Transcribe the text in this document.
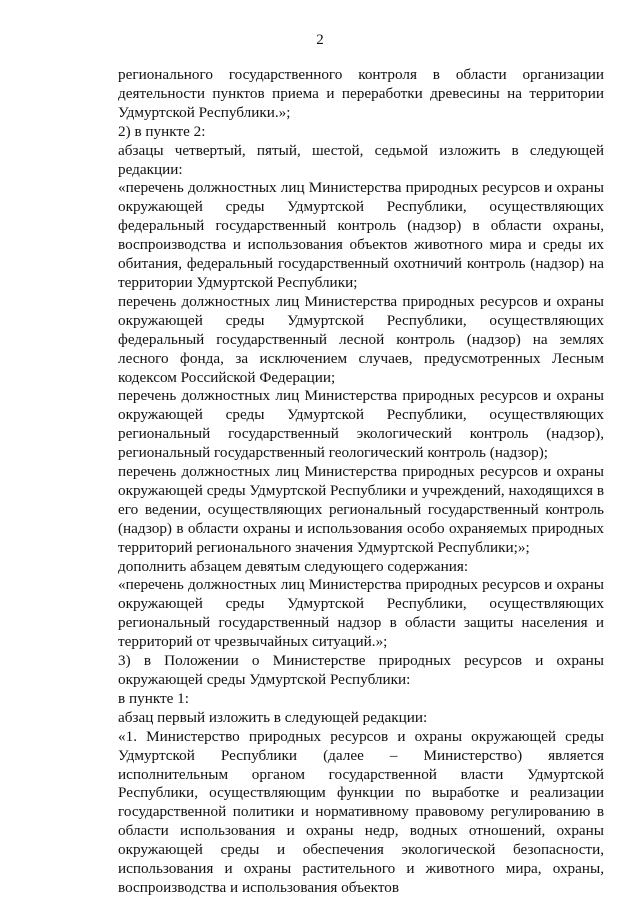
2

регионального государственного контроля в области организации деятельности пунктов приема и переработки древесины на территории Удмуртской Республики.»;

2) в пункте 2:

абзацы четвертый, пятый, шестой, седьмой изложить в следующей редакции:

«перечень должностных лиц Министерства природных ресурсов и охраны окружающей среды Удмуртской Республики, осуществляющих федеральный государственный контроль (надзор) в области охраны, воспроизводства и использования объектов животного мира и среды их обитания, федеральный государственный охотничий контроль (надзор) на территории Удмуртской Республики;

перечень должностных лиц Министерства природных ресурсов и охраны окружающей среды Удмуртской Республики, осуществляющих федеральный государственный лесной контроль (надзор) на землях лесного фонда, за исключением случаев, предусмотренных Лесным кодексом Российской Федерации;

перечень должностных лиц Министерства природных ресурсов и охраны окружающей среды Удмуртской Республики, осуществляющих региональный государственный экологический контроль (надзор), региональный государственный геологический контроль (надзор);

перечень должностных лиц Министерства природных ресурсов и охраны окружающей среды Удмуртской Республики и учреждений, находящихся в его ведении, осуществляющих региональный государственный контроль (надзор) в области охраны и использования особо охраняемых природных территорий регионального значения Удмуртской Республики;»;

дополнить абзацем девятым следующего содержания:

«перечень должностных лиц Министерства природных ресурсов и охраны окружающей среды Удмуртской Республики, осуществляющих региональный государственный надзор в области защиты населения и территорий от чрезвычайных ситуаций.»;

3) в Положении о Министерстве природных ресурсов и охраны окружающей среды Удмуртской Республики:

в пункте 1:

абзац первый изложить в следующей редакции:

«1. Министерство природных ресурсов и охраны окружающей среды Удмуртской Республики (далее – Министерство) является исполнительным органом государственной власти Удмуртской Республики, осуществляющим функции по выработке и реализации государственной политики и нормативному правовому регулированию в области использования и охраны недр, водных отношений, охраны окружающей среды и обеспечения экологической безопасности, использования и охраны растительного и животного мира, охраны, воспроизводства и использования объектов
